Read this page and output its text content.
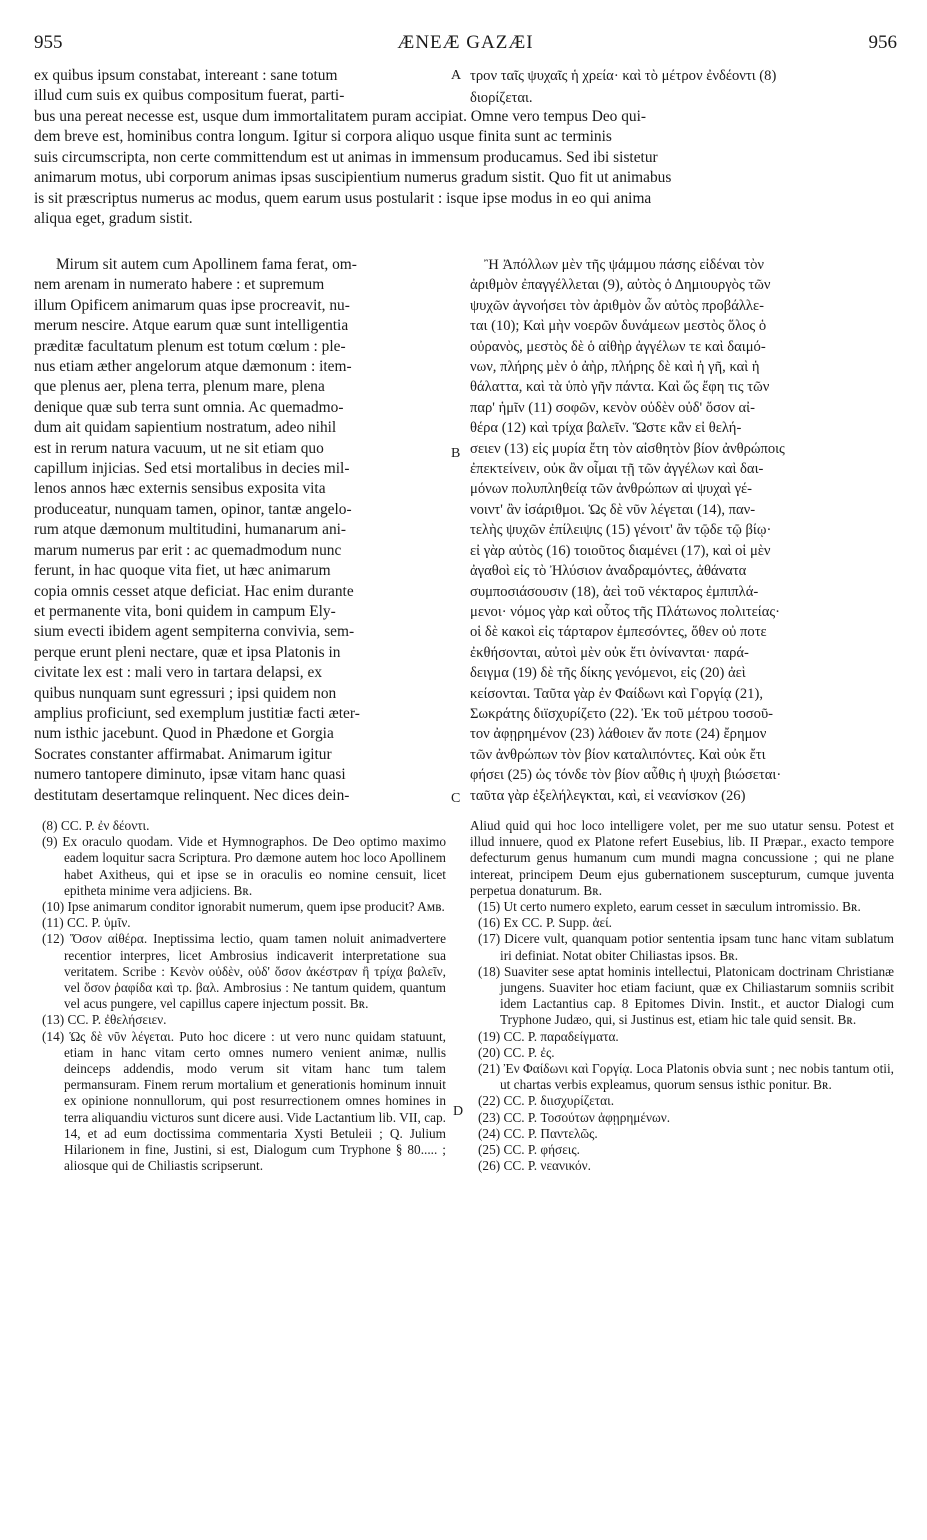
955	ÆNEÆ GAZÆI	956
A
B
C
D

ex quibus ipsum constabat, intereant : sane totum

illud cum suis ex quibus compositum fuerat, parti-

τρον ταῖς ψυχαῖς ἡ χρεία· καὶ τὸ μέτρον ἐνδέοντι (8)

διορίζεται.

bus una pereat necesse est, usque dum immortalitatem puram accipiat. Omne vero tempus Deo qui-

dem breve est, hominibus contra longum. Igitur si corpora aliquo usque finita sunt ac terminis

suis circumscripta, non certe committendum est ut animas in immensum producamus. Sed ibi sistetur

animarum motus, ubi corporum animas ipsas suscipientium numerus gradum sistit. Quo fit ut animabus

is sit præscriptus numerus ac modus, quem earum usus postularit : isque ipse modus in eo qui anima

aliqua eget, gradum sistit.

Mirum sit autem cum Apollinem fama ferat, om-

nem arenam in numerato habere : et supremum

illum Opificem animarum quas ipse procreavit, nu-

merum nescire. Atque earum quæ sunt intelligentia

præditæ facultatum plenum est totum cœlum : ple-

nus etiam æther angelorum atque dæmonum : item-

que plenus aer, plena terra, plenum mare, plena

denique quæ sub terra sunt omnia. Ac quemadmo-

dum ait quidam sapientium nostratum, adeo nihil

est in rerum natura vacuum, ut ne sit etiam quo

capillum injicias. Sed etsi mortalibus in decies mil-

lenos annos hæc externis sensibus exposita vita

produceatur, nunquam tamen, opinor, tantæ angelo-

rum atque dæmonum multitudini, humanarum ani-

marum numerus par erit : ac quemadmodum nunc

ferunt, in hac quoque vita fiet, ut hæc animarum

copia omnis cesset atque deficiat. Hac enim durante

et permanente vita, boni quidem in campum Ely-

sium evecti ibidem agent sempiterna convivia, sem-

perque erunt pleni nectare, quæ et ipsa Platonis in

civitate lex est : mali vero in tartara delapsi, ex

quibus nunquam sunt egressuri ; ipsi quidem non

amplius proficiunt, sed exemplum justitiæ facti æter-

num isthic jacebunt. Quod in Phædone et Gorgia

Socrates constanter affirmabat. Animarum igitur

numero tantopere diminuto, ipsæ vitam hanc quasi

destitutam desertamque relinquent. Nec dices dein-

Ἢ Ἀπόλλων μὲν τῆς ψάμμου πάσης εἰδέναι τὸν

ἀριθμὸν ἐπαγγέλλεται (9), αὐτὸς ὁ Δημιουργὸς τῶν

ψυχῶν ἀγνοήσει τὸν ἀριθμὸν ὧν αὐτὸς προβάλλε-

ται (10); Καὶ μὴν νοερῶν δυνάμεων μεστὸς ὅλος ὁ

οὐρανὸς, μεστὸς δὲ ὁ αἰθὴρ ἀγγέλων τε καὶ δαιμό-

νων, πλήρης μὲν ὁ ἀὴρ, πλήρης δὲ καὶ ἡ γῆ, καὶ ἡ

θάλαττα, καὶ τὰ ὑπὸ γῆν πάντα. Καὶ ὥς ἔφη τις τῶν

παρ' ἡμῖν (11) σοφῶν, κενὸν οὐδὲν οὐδ' ὅσον αἰ-

θέρα (12) καὶ τρίχα βαλεῖν. Ὥστε κἂν εἰ θελή-

σειεν (13) εἰς μυρία ἔτη τὸν αἰσθητὸν βίον ἀνθρώποις

ἐπεκτείνειν, οὐκ ἂν οἶμαι τῇ τῶν ἀγγέλων καὶ δαι-

μόνων πολυπληθείᾳ τῶν ἀνθρώπων αἱ ψυχαὶ γέ-

νοιντ' ἂν ἰσάριθμοι. Ὡς δὲ νῦν λέγεται (14), παν-

τελὴς ψυχῶν ἐπίλειψις (15) γένοιτ' ἂν τῷδε τῷ βίῳ·

εἰ γὰρ αὐτὸς (16) τοιοῦτος διαμένει (17), καὶ οἱ μὲν

ἀγαθοὶ εἰς τὸ Ἠλύσιον ἀναδραμόντες, ἀθάνατα

συμποσιάσουσιν (18), ἀεὶ τοῦ νέκταρος ἐμπιπλά-

μενοι· νόμος γὰρ καὶ οὗτος τῆς Πλάτωνος πολιτείας·

οἱ δὲ κακοὶ εἰς τάρταρον ἐμπεσόντες, ὅθεν οὐ ποτε

ἐκθήσονται, αὐτοὶ μὲν οὐκ ἔτι ὀνίνανται· παρά-

δειγμα (19) δὲ τῆς δίκης γενόμενοι, εἰς (20) ἀεὶ

κείσονται. Ταῦτα γὰρ ἐν Φαίδωνι καὶ Γοργίᾳ (21),

Σωκράτης διϊσχυρίζετο (22). Ἐκ τοῦ μέτρου τοσοῦ-

τον ἀφῃρημένον (23) λάθοιεν ἄν ποτε (24) ἔρημον

τῶν ἀνθρώπων τὸν βίον καταλιπόντες. Καὶ οὐκ ἔτι

φήσει (25) ὡς τόνδε τὸν βίον αὖθις ἡ ψυχὴ βιώσεται·

ταῦτα γὰρ ἐξελήλεγκται, καὶ, εἰ νεανίσκον (26)

(8) CC. P. ἐν δέοντι.

(9) Ex oraculo quodam. Vide et Hymnographos. De Deo optimo maximo eadem loquitur sacra Scriptura. Pro dæmone autem hoc loco Apollinem habet Axitheus, qui et ipse se in oraculis eo nomine censuit, licet epitheta minime vera adjiciens. Bʀ.

(10) Ipse animarum conditor ignorabit numerum, quem ipse producit? Aᴍʙ.

(11) CC. P. ὑμῖν.

(12) Ὅσον αἰθέρα. Ineptissima lectio, quam tamen noluit animadvertere recentior interpres, licet Ambrosius indicaverit interpretatione sua veritatem. Scribe : Κενὸν οὐδὲν, οὐδ' ὅσον ἀκέστραν ἢ τρίχα βαλεῖν, vel ὅσον ῥαφίδα καὶ τρ. βαλ. Ambrosius : Ne tantum quidem, quantum vel acus pungere, vel capillus capere injectum possit. Bʀ.

(13) CC. P. ἐθελήσειεν.

(14) Ὡς δὲ νῦν λέγεται. Puto hoc dicere : ut vero nunc quidam statuunt, etiam in hanc vitam certo omnes numero venient animæ, nullis deinceps addendis, modo verum sit vitam hanc tum talem permansuram. Finem rerum mortalium et generationis hominum innuit ex opinione nonnullorum, qui post resurrectionem omnes homines in terra aliquandiu victuros sunt dicere ausi. Vide Lactantium lib. VII, cap. 14, et ad eum doctissima commentaria Xysti Betuleii ; Q. Julium Hilarionem in fine, Justini, si est, Dialogum cum Tryphone § 80..... ; aliosque qui de Chiliastis scripserunt.

Aliud quid qui hoc loco intelligere volet, per me suo utatur sensu. Potest et illud innuere, quod ex Platone refert Eusebius, lib. II Præpar., exacto tempore defecturum genus humanum cum mundi magna concussione ; qui ne plane intereat, principem Deum ejus gubernationem suscepturum, cumque juventa perpetua donaturum. Bʀ.

(15) Ut certo numero expleto, earum cesset in sæculum intromissio. Bʀ.

(16) Ex CC. P. Supp. ἀεί.

(17) Dicere vult, quanquam potior sententia ipsam tunc hanc vitam sublatum iri definiat. Notat obiter Chiliastas ipsos. Bʀ.

(18) Suaviter sese aptat hominis intellectui, Platonicam doctrinam Christianæ jungens. Suaviter hoc etiam faciunt, quæ ex Chiliastarum somniis scribit idem Lactantius cap. 8 Epitomes Divin. Instit., et auctor Dialogi cum Tryphone Judæo, qui, si Justinus est, etiam hic tale quid sensit. Bʀ.

(19) CC. P. παραδείγματα.

(20) CC. P. ἐς.

(21) Ἐν Φαίδωνι καὶ Γοργίᾳ. Loca Platonis obvia sunt ; nec nobis tantum otii, ut chartas verbis expleamus, quorum sensus isthic ponitur. Bʀ.

(22) CC. P. διισχυρίζεται.

(23) CC. P. Τοσούτων ἀφῃρημένων.

(24) CC. P. Παντελῶς.

(25) CC. P. φήσεις.

(26) CC. P. νεανικόν.
